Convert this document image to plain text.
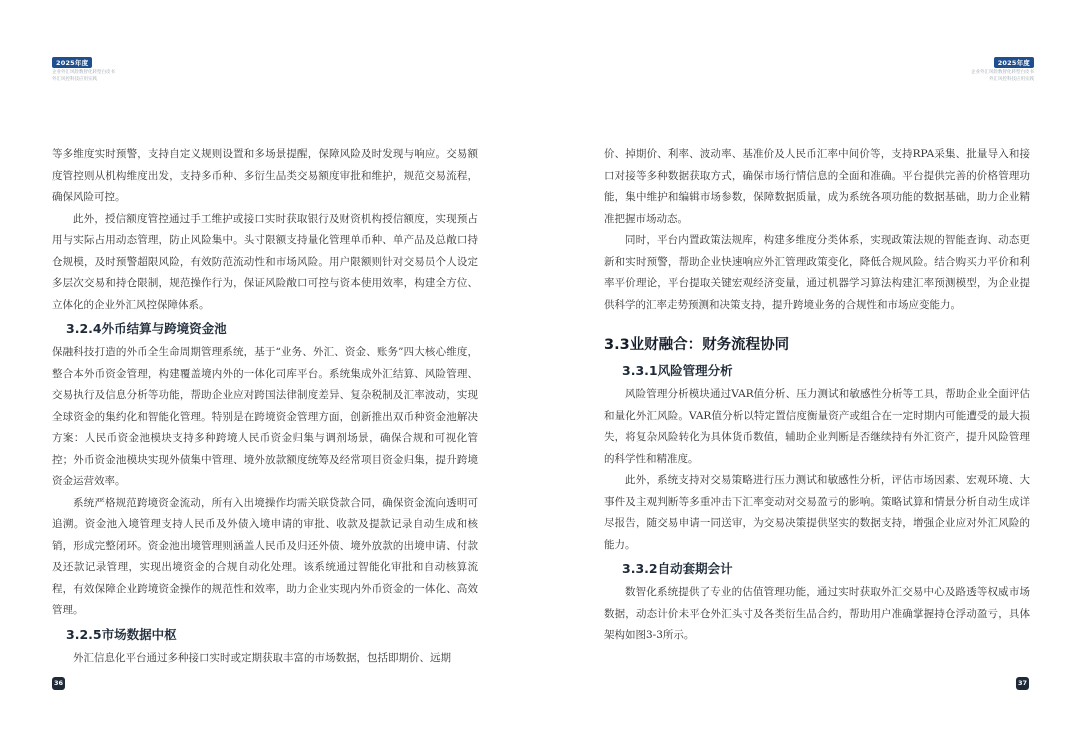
2025年度
企业外汇风险数智化转型白皮书
外汇风控科技应用实践

等多维度实时预警，支持自定义规则设置和多场景提醒，保障风险及时发现与响应。交易额度管控则从机构维度出发，支持多币种、多衍生品类交易额度审批和维护，规范交易流程，确保风险可控。

此外，授信额度管控通过手工维护或接口实时获取银行及财资机构授信额度，实现预占用与实际占用动态管理，防止风险集中。头寸限额支持量化管理单币种、单产品及总敞口持仓规模，及时预警超限风险，有效防范流动性和市场风险。用户限额则针对交易员个人设定多层次交易和持仓限制，规范操作行为，保证风险敞口可控与资本使用效率，构建全方位、立体化的企业外汇风控保障体系。

3.2.4外币结算与跨境资金池

保融科技打造的外币全生命周期管理系统，基于“业务、外汇、资金、账务”四大核心维度，整合本外币资金管理，构建覆盖境内外的一体化司库平台。系统集成外汇结算、风险管理、交易执行及信息分析等功能，帮助企业应对跨国法律制度差异、复杂税制及汇率波动，实现全球资金的集约化和智能化管理。特别是在跨境资金管理方面，创新推出双币种资金池解决方案：人民币资金池模块支持多种跨境人民币资金归集与调剂场景，确保合规和可视化管控；外币资金池模块实现外债集中管理、境外放款额度统筹及经常项目资金归集，提升跨境资金运营效率。

系统严格规范跨境资金流动，所有入出境操作均需关联贷款合同，确保资金流向透明可追溯。资金池入境管理支持人民币及外债入境申请的审批、收款及提款记录自动生成和核销，形成完整闭环。资金池出境管理则涵盖人民币及归还外债、境外放款的出境申请、付款及还款记录管理，实现出境资金的合规自动化处理。该系统通过智能化审批和自动核算流程，有效保障企业跨境资金操作的规范性和效率，助力企业实现内外币资金的一体化、高效管理。

3.2.5市场数据中枢

外汇信息化平台通过多种接口实时或定期获取丰富的市场数据，包括即期价、远期

36
2025年度
企业外汇风险数智化转型白皮书
外汇风控科技应用实践

价、掉期价、利率、波动率、基准价及人民币汇率中间价等，支持RPA采集、批量导入和接口对接等多种数据获取方式，确保市场行情信息的全面和准确。平台提供完善的价格管理功能，集中维护和编辑市场参数，保障数据质量，成为系统各项功能的数据基础，助力企业精准把握市场动态。

同时，平台内置政策法规库，构建多维度分类体系，实现政策法规的智能查询、动态更新和实时预警，帮助企业快速响应外汇管理政策变化，降低合规风险。结合购买力平价和利率平价理论，平台提取关键宏观经济变量，通过机器学习算法构建汇率预测模型，为企业提供科学的汇率走势预测和决策支持，提升跨境业务的合规性和市场应变能力。

3.3业财融合：财务流程协同
3.3.1风险管理分析

风险管理分析模块通过VAR值分析、压力测试和敏感性分析等工具，帮助企业全面评估和量化外汇风险。VAR值分析以特定置信度衡量资产或组合在一定时期内可能遭受的最大损失，将复杂风险转化为具体货币数值，辅助企业判断是否继续持有外汇资产，提升风险管理的科学性和精准度。

此外，系统支持对交易策略进行压力测试和敏感性分析，评估市场因素、宏观环境、大事件及主观判断等多重冲击下汇率变动对交易盈亏的影响。策略试算和情景分析自动生成详尽报告，随交易申请一同送审，为交易决策提供坚实的数据支持，增强企业应对外汇风险的能力。

3.3.2自动套期会计

数智化系统提供了专业的估值管理功能，通过实时获取外汇交易中心及路透等权威市场数据，动态计价未平仓外汇头寸及各类衍生品合约，帮助用户准确掌握持仓浮动盈亏，具体架构如图3-3所示。

37
